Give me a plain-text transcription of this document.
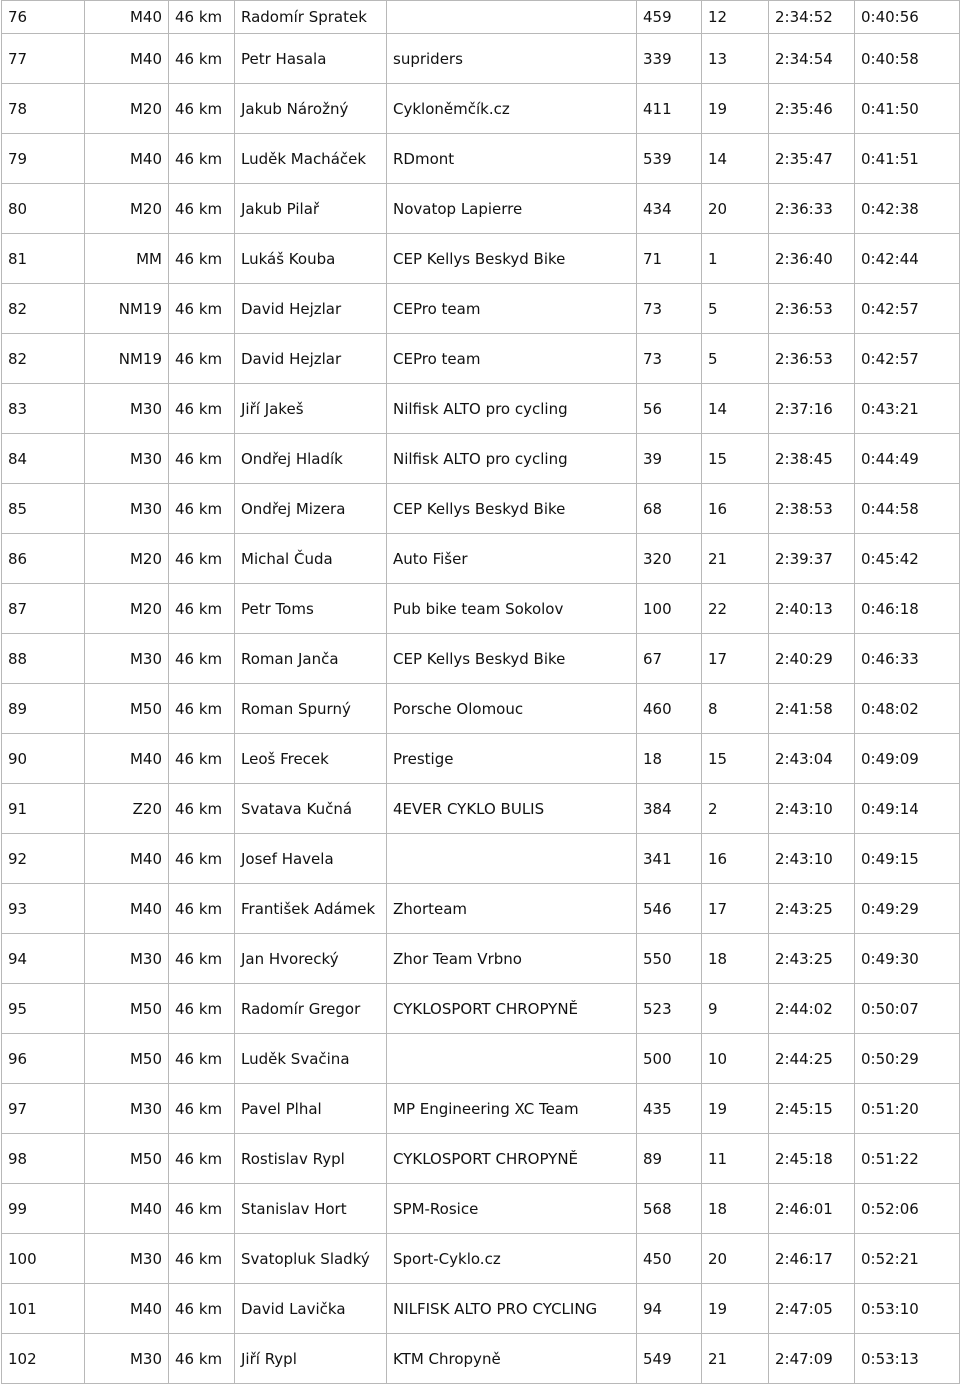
76	M40	46 km	Radomír Spratek		459	12	2:34:52	0:40:56
77	M40	46 km	Petr Hasala	supriders	339	13	2:34:54	0:40:58
78	M20	46 km	Jakub Nárožný	Cykloněmčík.cz	411	19	2:35:46	0:41:50
79	M40	46 km	Luděk Macháček	RDmont	539	14	2:35:47	0:41:51
80	M20	46 km	Jakub Pilař	Novatop Lapierre	434	20	2:36:33	0:42:38
81	MM	46 km	Lukáš Kouba	CEP Kellys Beskyd Bike	71	1	2:36:40	0:42:44
82	NM19	46 km	David Hejzlar	CEPro team	73	5	2:36:53	0:42:57
82	NM19	46 km	David Hejzlar	CEPro team	73	5	2:36:53	0:42:57
83	M30	46 km	Jiří Jakeš	Nilfisk ALTO pro cycling	56	14	2:37:16	0:43:21
84	M30	46 km	Ondřej Hladík	Nilfisk ALTO pro cycling	39	15	2:38:45	0:44:49
85	M30	46 km	Ondřej Mizera	CEP Kellys Beskyd Bike	68	16	2:38:53	0:44:58
86	M20	46 km	Michal Čuda	Auto Fišer	320	21	2:39:37	0:45:42
87	M20	46 km	Petr Toms	Pub bike team Sokolov	100	22	2:40:13	0:46:18
88	M30	46 km	Roman Janča	CEP Kellys Beskyd Bike	67	17	2:40:29	0:46:33
89	M50	46 km	Roman Spurný	Porsche Olomouc	460	8	2:41:58	0:48:02
90	M40	46 km	Leoš Frecek	Prestige	18	15	2:43:04	0:49:09
91	Z20	46 km	Svatava Kučná	4EVER CYKLO BULIS	384	2	2:43:10	0:49:14
92	M40	46 km	Josef Havela		341	16	2:43:10	0:49:15
93	M40	46 km	František Adámek	Zhorteam	546	17	2:43:25	0:49:29
94	M30	46 km	Jan Hvorecký	Zhor Team Vrbno	550	18	2:43:25	0:49:30
95	M50	46 km	Radomír Gregor	CYKLOSPORT CHROPYNĚ	523	9	2:44:02	0:50:07
96	M50	46 km	Luděk Svačina		500	10	2:44:25	0:50:29
97	M30	46 km	Pavel Plhal	MP Engineering XC Team	435	19	2:45:15	0:51:20
98	M50	46 km	Rostislav Rypl	CYKLOSPORT CHROPYNĚ	89	11	2:45:18	0:51:22
99	M40	46 km	Stanislav Hort	SPM-Rosice	568	18	2:46:01	0:52:06
100	M30	46 km	Svatopluk Sladký	Sport-Cyklo.cz	450	20	2:46:17	0:52:21
101	M40	46 km	David Lavička	NILFISK ALTO PRO CYCLING	94	19	2:47:05	0:53:10
102	M30	46 km	Jiří Rypl	KTM Chropyně	549	21	2:47:09	0:53:13
